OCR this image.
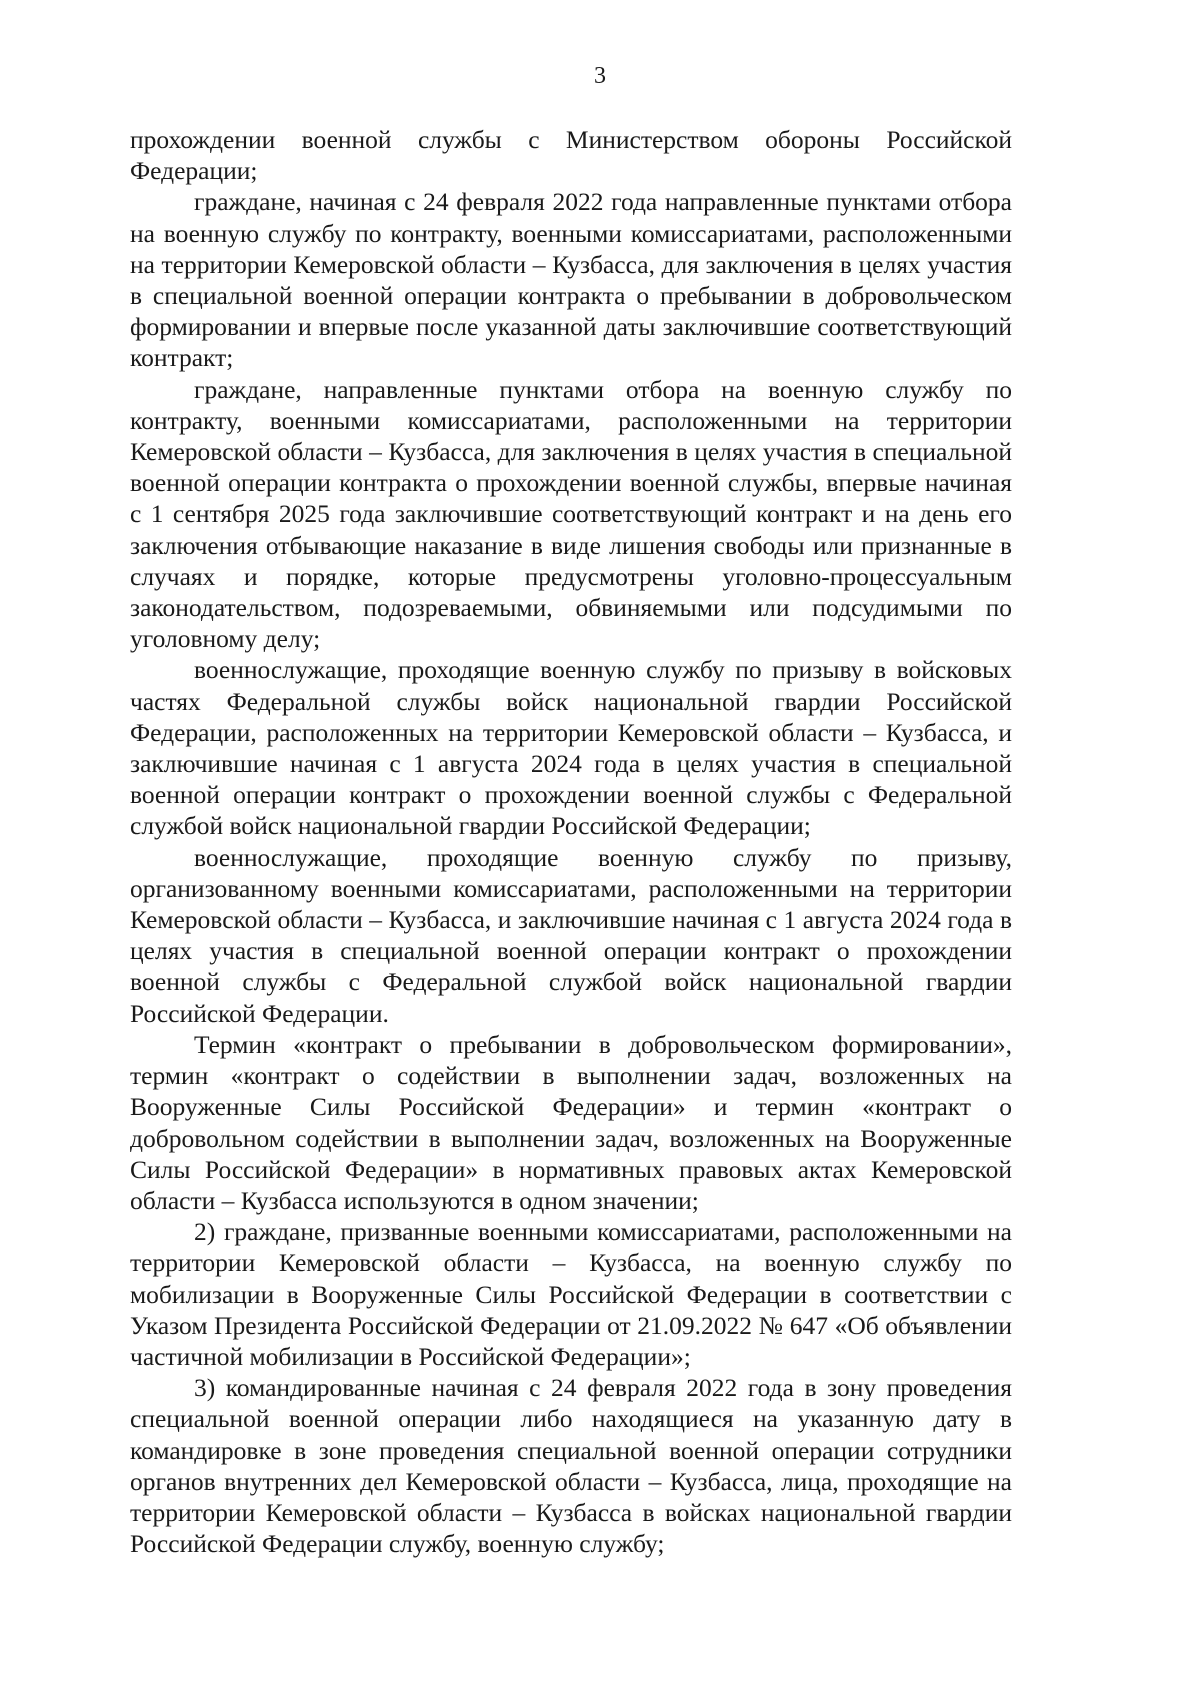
3

прохождении военной службы с Министерством обороны Российской Федерации;

граждане, начиная с 24 февраля 2022 года направленные пунктами отбора на военную службу по контракту, военными комиссариатами, расположенными на территории Кемеровской области – Кузбасса, для заключения в целях участия в специальной военной операции контракта о пребывании в добровольческом формировании и впервые после указанной даты заключившие соответствующий контракт;

граждане, направленные пунктами отбора на военную службу по контракту, военными комиссариатами, расположенными на территории Кемеровской области – Кузбасса, для заключения в целях участия в специальной военной операции контракта о прохождении военной службы, впервые начиная с 1 сентября 2025 года заключившие соответствующий контракт и на день его заключения отбывающие наказание в виде лишения свободы или признанные в случаях и порядке, которые предусмотрены уголовно-процессуальным законодательством, подозреваемыми, обвиняемыми или подсудимыми по уголовному делу;

военнослужащие, проходящие военную службу по призыву в войсковых частях Федеральной службы войск национальной гвардии Российской Федерации, расположенных на территории Кемеровской области – Кузбасса, и заключившие начиная с 1 августа 2024 года в целях участия в специальной военной операции контракт о прохождении военной службы с Федеральной службой войск национальной гвардии Российской Федерации;

военнослужащие, проходящие военную службу по призыву, организованному военными комиссариатами, расположенными на территории Кемеровской области – Кузбасса, и заключившие начиная с 1 августа 2024 года в целях участия в специальной военной операции контракт о прохождении военной службы с Федеральной службой войск национальной гвардии Российской Федерации.

Термин «контракт о пребывании в добровольческом формировании», термин «контракт о содействии в выполнении задач, возложенных на Вооруженные Силы Российской Федерации» и термин «контракт о добровольном содействии в выполнении задач, возложенных на Вооруженные Силы Российской Федерации» в нормативных правовых актах Кемеровской области – Кузбасса используются в одном значении;

2) граждане, призванные военными комиссариатами, расположенными на территории Кемеровской области – Кузбасса, на военную службу по мобилизации в Вооруженные Силы Российской Федерации в соответствии с Указом Президента Российской Федерации от 21.09.2022 № 647 «Об объявлении частичной мобилизации в Российской Федерации»;

3) командированные начиная с 24 февраля 2022 года в зону проведения специальной военной операции либо находящиеся на указанную дату в командировке в зоне проведения специальной военной операции сотрудники органов внутренних дел Кемеровской области – Кузбасса, лица, проходящие на территории Кемеровской области – Кузбасса в войсках национальной гвардии Российской Федерации службу, военную службу;
